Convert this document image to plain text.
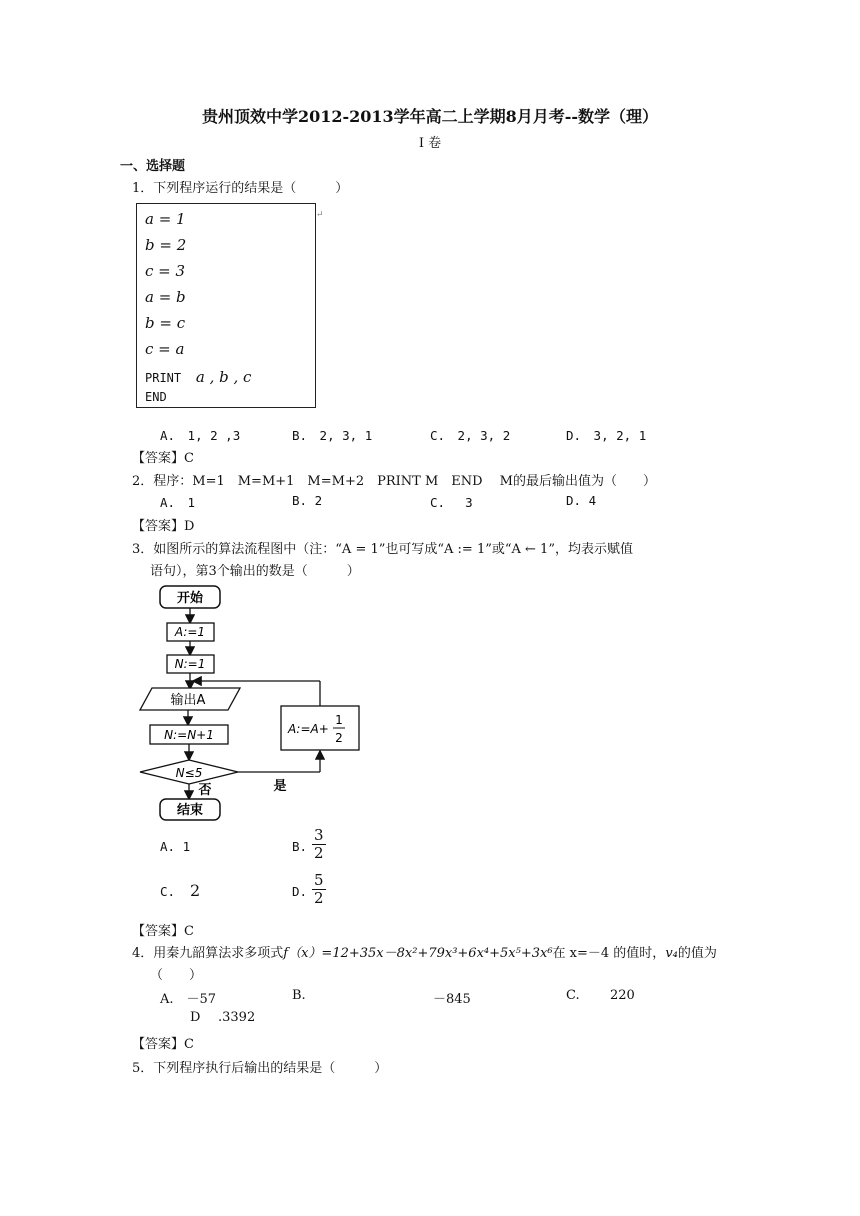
贵州顶效中学2012-2013学年高二上学期8月月考--数学（理）
I 卷
一、选择题
1．下列程序运行的结果是（　　　）
a = 1
b = 2
c = 3
a = b
b = c
c = a
PRINT a , b , c
END
↵
A.　1, 2 ,3	B.　2, 3, 1	C.　2, 3, 2	D.　3, 2, 1
【答案】C
2．程序：M=1　M=M+1　M=M+2　PRINT M　END　 M的最后输出值为（　　）
A.　1	B. 2	C.　 3	D. 4
【答案】D
3．如图所示的算法流程图中（注：“A = 1”也可写成“A := 1”或“A ← 1”，均表示赋值
语句），第3个输出的数是（　　　）
开始
A:=1
N:=1
输出A
N:=N+1
N≤5
是
A:=A+
1
2
否
结束
A. 1	B. $\frac{3}{2}$
C. 2	D. $\frac{5}{2}$
【答案】C
4．用秦九韶算法求多项式f（x）=12+35x－8x²+79x³+6x⁴+5x⁵+3x⁶在 x=－4 的值时，v₄的值为
（　　）
A.　－57	B.	－845	C. 220
D .3392
【答案】C
5．下列程序执行后输出的结果是（　　　）
